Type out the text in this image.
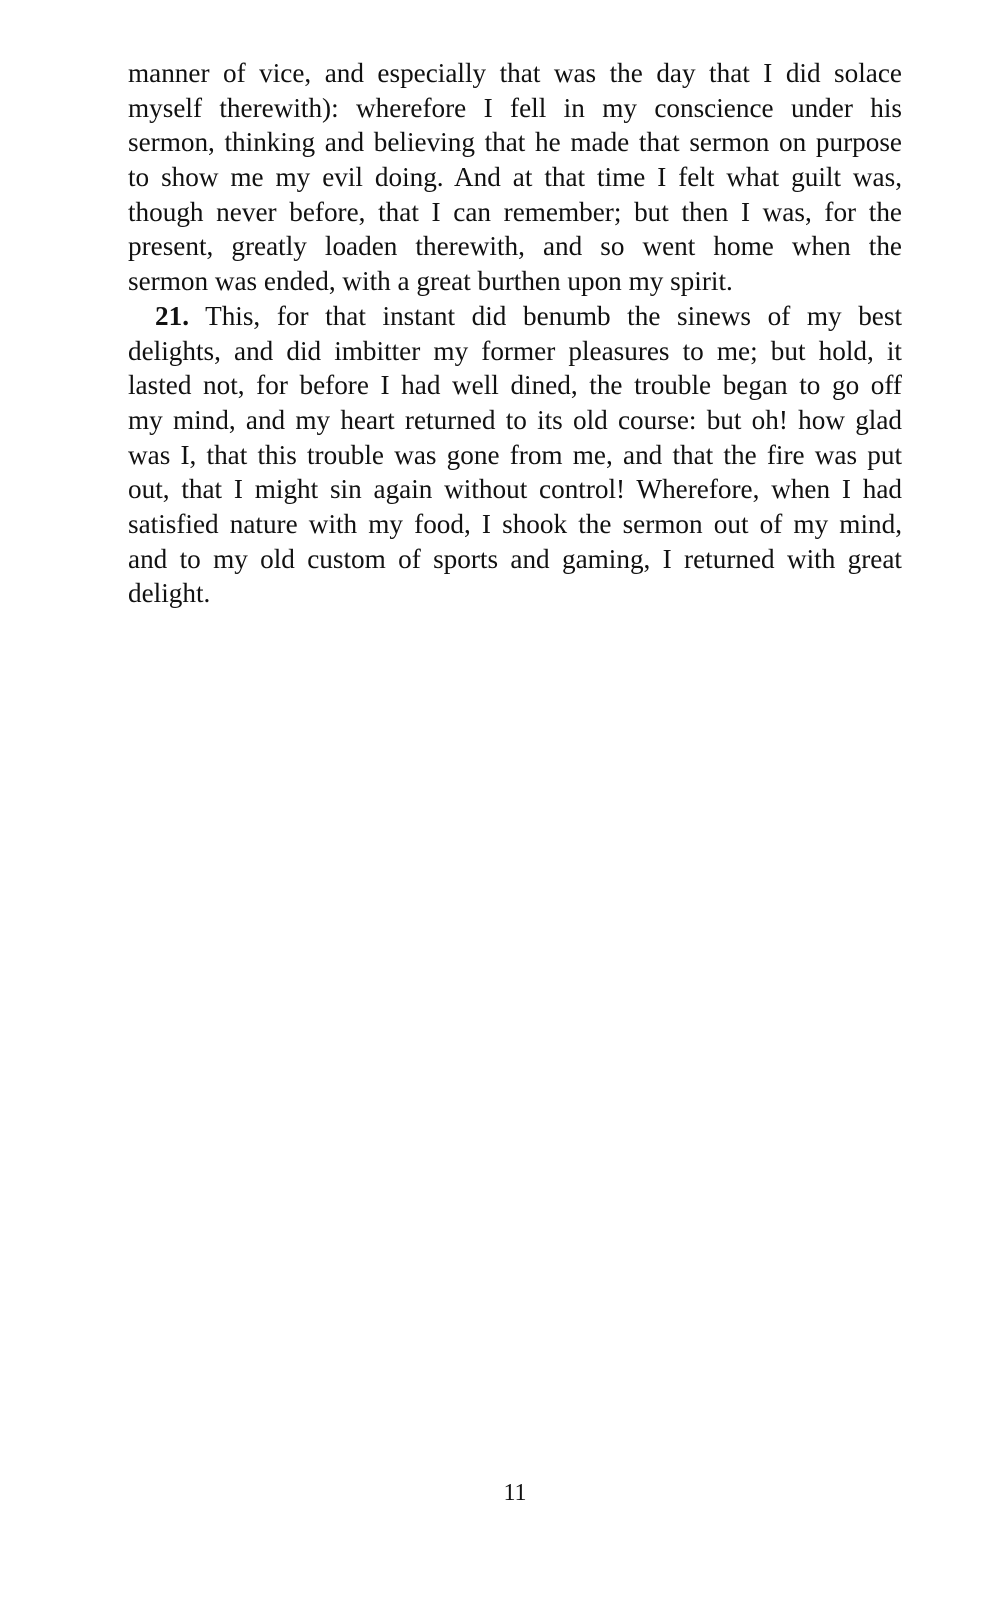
manner of vice, and especially that was the day that I did solace
myself therewith): wherefore I fell in my conscience under his
sermon, thinking and believing that he made that sermon on purpose
to show me my evil doing. And at that time I felt what guilt was,
though never before, that I can remember; but then I was, for the
present, greatly loaden therewith, and so went home when the
sermon was ended, with a great burthen upon my spirit.
21. This, for that instant did benumb the sinews of my best
delights, and did imbitter my former pleasures to me; but hold, it
lasted not, for before I had well dined, the trouble began to go off
my mind, and my heart returned to its old course: but oh! how glad
was I, that this trouble was gone from me, and that the fire was put
out, that I might sin again without control! Wherefore, when I had
satisfied nature with my food, I shook the sermon out of my mind,
and to my old custom of sports and gaming, I returned with great
delight.
11
